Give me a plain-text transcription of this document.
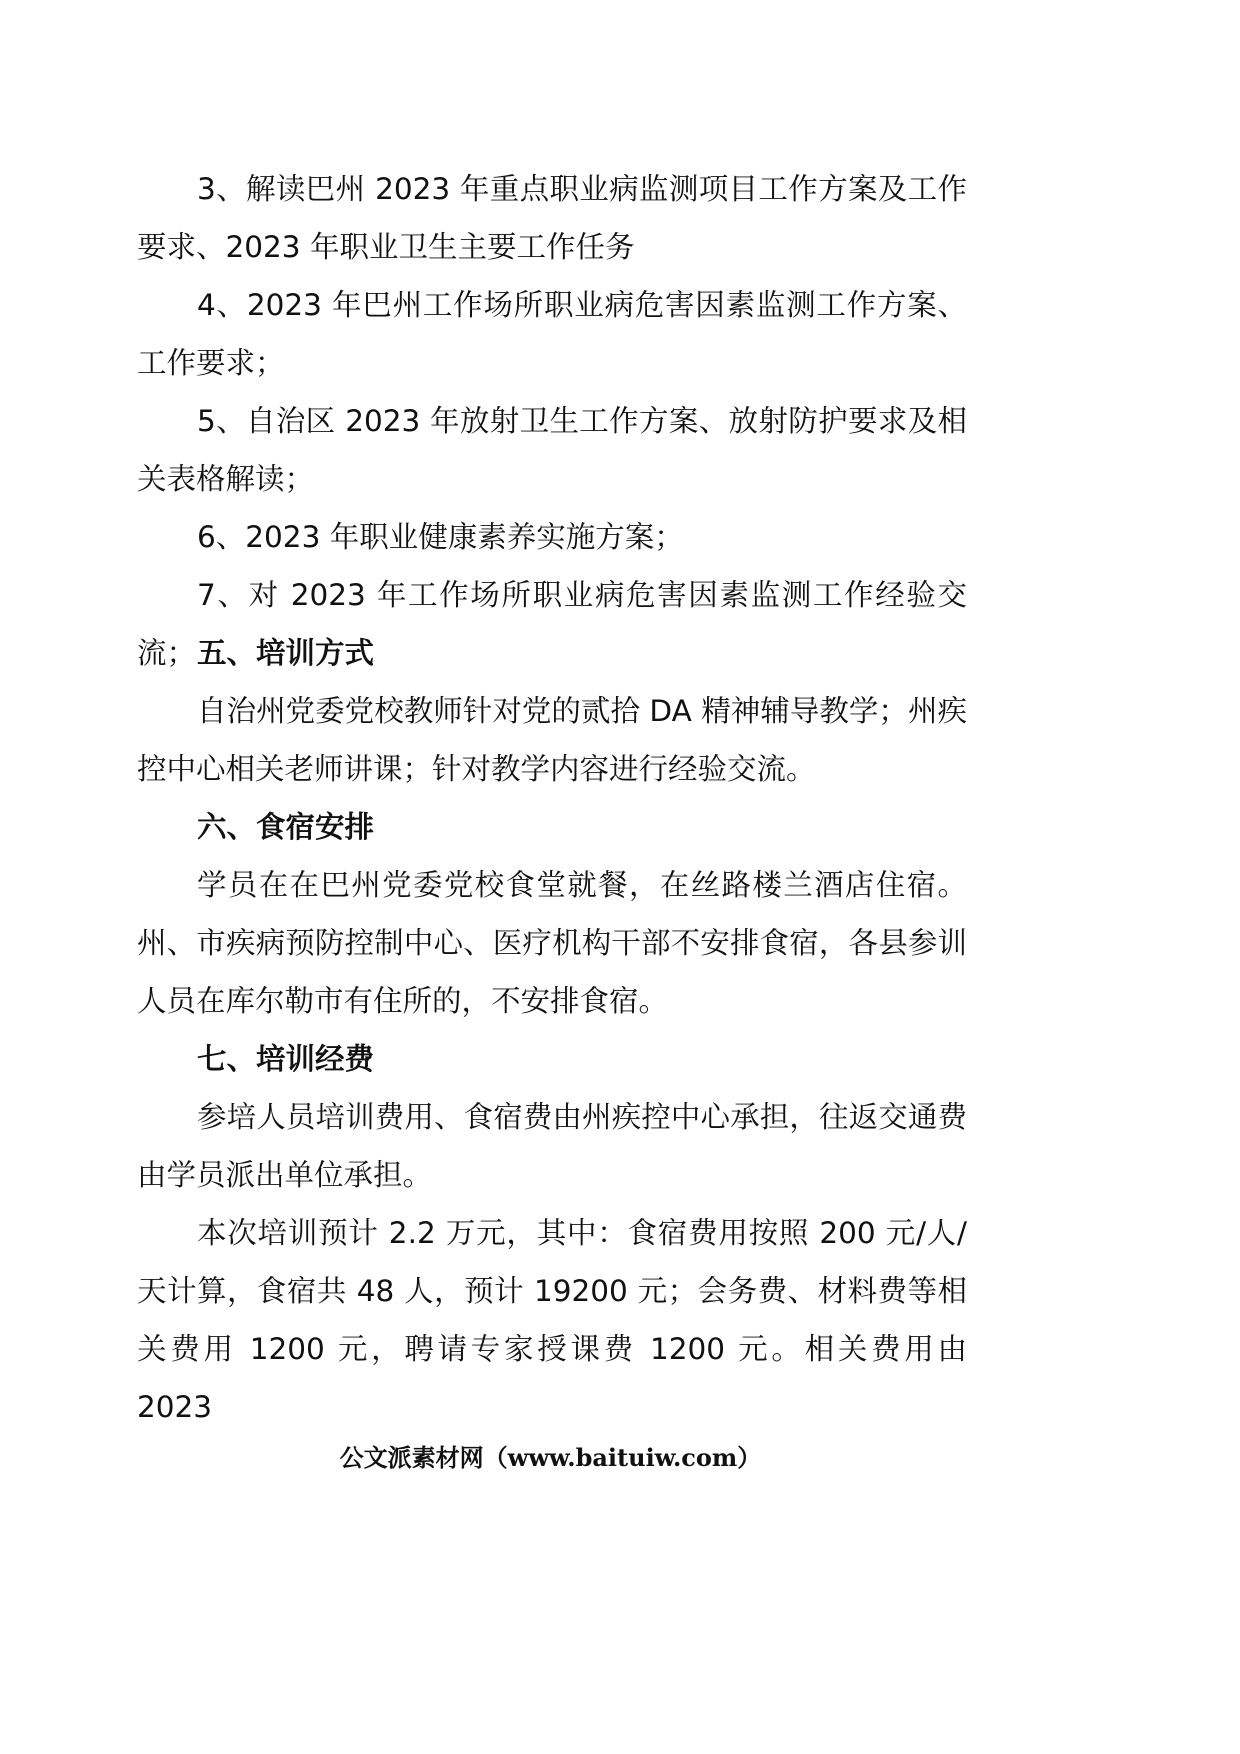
3、解读巴州 2023 年重点职业病监测项目工作方案及工作要求、2023 年职业卫生主要工作任务

4、2023 年巴州工作场所职业病危害因素监测工作方案、工作要求；

5、自治区 2023 年放射卫生工作方案、放射防护要求及相关表格解读；

6、2023 年职业健康素养实施方案；

7、对 2023 年工作场所职业病危害因素监测工作经验交流； 五、培训方式

自治州党委党校教师针对党的贰拾 DA 精神辅导教学；州疾控中心相关老师讲课；针对教学内容进行经验交流。

六、食宿安排

学员在在巴州党委党校食堂就餐，在丝路楼兰酒店住宿。州、市疾病预防控制中心、医疗机构干部不安排食宿，各县参训人员在库尔勒市有住所的，不安排食宿。

七、培训经费

参培人员培训费用、食宿费由州疾控中心承担，往返交通费由学员派出单位承担。

本次培训预计 2.2 万元，其中：食宿费用按照 200 元/人/天计算，食宿共 48 人，预计 19200 元；会务费、材料费等相关费用 1200 元，聘请专家授课费 1200 元。相关费用由 2023

公文派素材网（www.baituiw.com）
